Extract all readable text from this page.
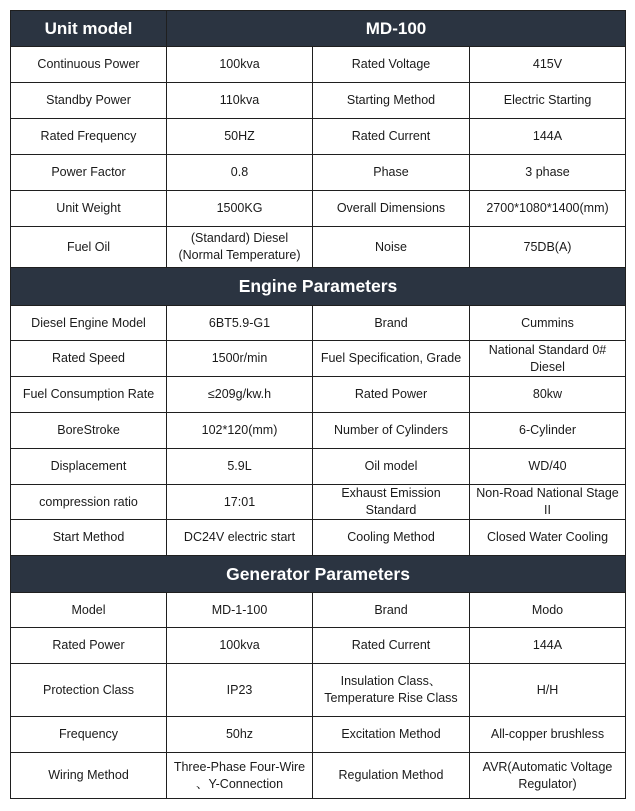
Unit model	MD-100		
Continuous Power	100kva	Rated Voltage	415V
Standby Power	110kva	Starting Method	Electric Starting
Rated Frequency	50HZ	Rated Current	144A
Power Factor	0.8	Phase	3 phase
Unit Weight	1500KG	Overall Dimensions	2700*1080*1400(mm)
Fuel Oil	(Standard) Diesel (Normal Temperature)	Noise	75DB(A)
Engine Parameters			
Diesel Engine Model	6BT5.9-G1	Brand	Cummins
Rated Speed	1500r/min	Fuel Specification, Grade	National Standard 0# Diesel
Fuel Consumption Rate	≤209g/kw.h	Rated Power	80kw
BoreStroke	102*120(mm)	Number of Cylinders	6-Cylinder
Displacement	5.9L	Oil model	WD/40
compression ratio	17:01	Exhaust Emission Standard	Non-Road National Stage II
Start Method	DC24V electric start	Cooling Method	Closed Water Cooling
Generator Parameters			
Model	MD-1-100	Brand	Modo
Rated Power	100kva	Rated Current	144A
Protection Class	IP23	Insulation Class、 Temperature Rise Class	H/H
Frequency	50hz	Excitation Method	All-copper brushless
Wiring Method	Three-Phase Four-Wire 、Y-Connection	Regulation Method	AVR(Automatic Voltage Regulator)
